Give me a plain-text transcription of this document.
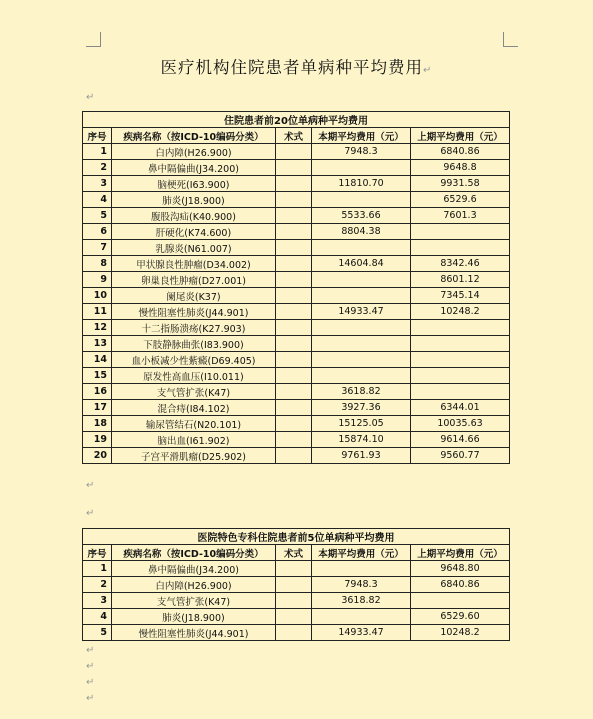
医疗机构住院患者单病种平均费用↵
↵
住院患者前20位单病种平均费用				
序号	疾病名称（按ICD-10编码分类）	术式	本期平均费用（元）	上期平均费用（元）
1	白内障(H26.900)		7948.3	6840.86
2	鼻中隔偏曲(J34.200)			9648.8
3	脑梗死(I63.900)		11810.70	9931.58
4	肺炎(J18.900)			6529.6
5	腹股沟疝(K40.900)		5533.66	7601.3
6	肝硬化(K74.600)		8804.38	
7	乳腺炎(N61.007)			
8	甲状腺良性肿瘤(D34.002)		14604.84	8342.46
9	卵巢良性肿瘤(D27.001)			8601.12
10	阑尾炎(K37)			7345.14
11	慢性阻塞性肺炎(J44.901)		14933.47	10248.2
12	十二指肠溃疡(K27.903)			
13	下肢静脉曲张(I83.900)			
14	血小板减少性紫癜(D69.405)			
15	原发性高血压(I10.011)			
16	支气管扩张(K47)		3618.82	
17	混合痔(I84.102)		3927.36	6344.01
18	输尿管结石(N20.101)		15125.05	10035.63
19	脑出血(I61.902)		15874.10	9614.66
20	子宫平滑肌瘤(D25.902)		9761.93	9560.77
↵
↵
医院特色专科住院患者前5位单病种平均费用				
序号	疾病名称（按ICD-10编码分类）	术式	本期平均费用（元）	上期平均费用（元）
1	鼻中隔偏曲(J34.200)			9648.80
2	白内障(H26.900)		7948.3	6840.86
3	支气管扩张(K47)		3618.82	
4	肺炎(J18.900)			6529.60
5	慢性阻塞性肺炎(J44.901)		14933.47	10248.2
↵
↵
↵
↵
